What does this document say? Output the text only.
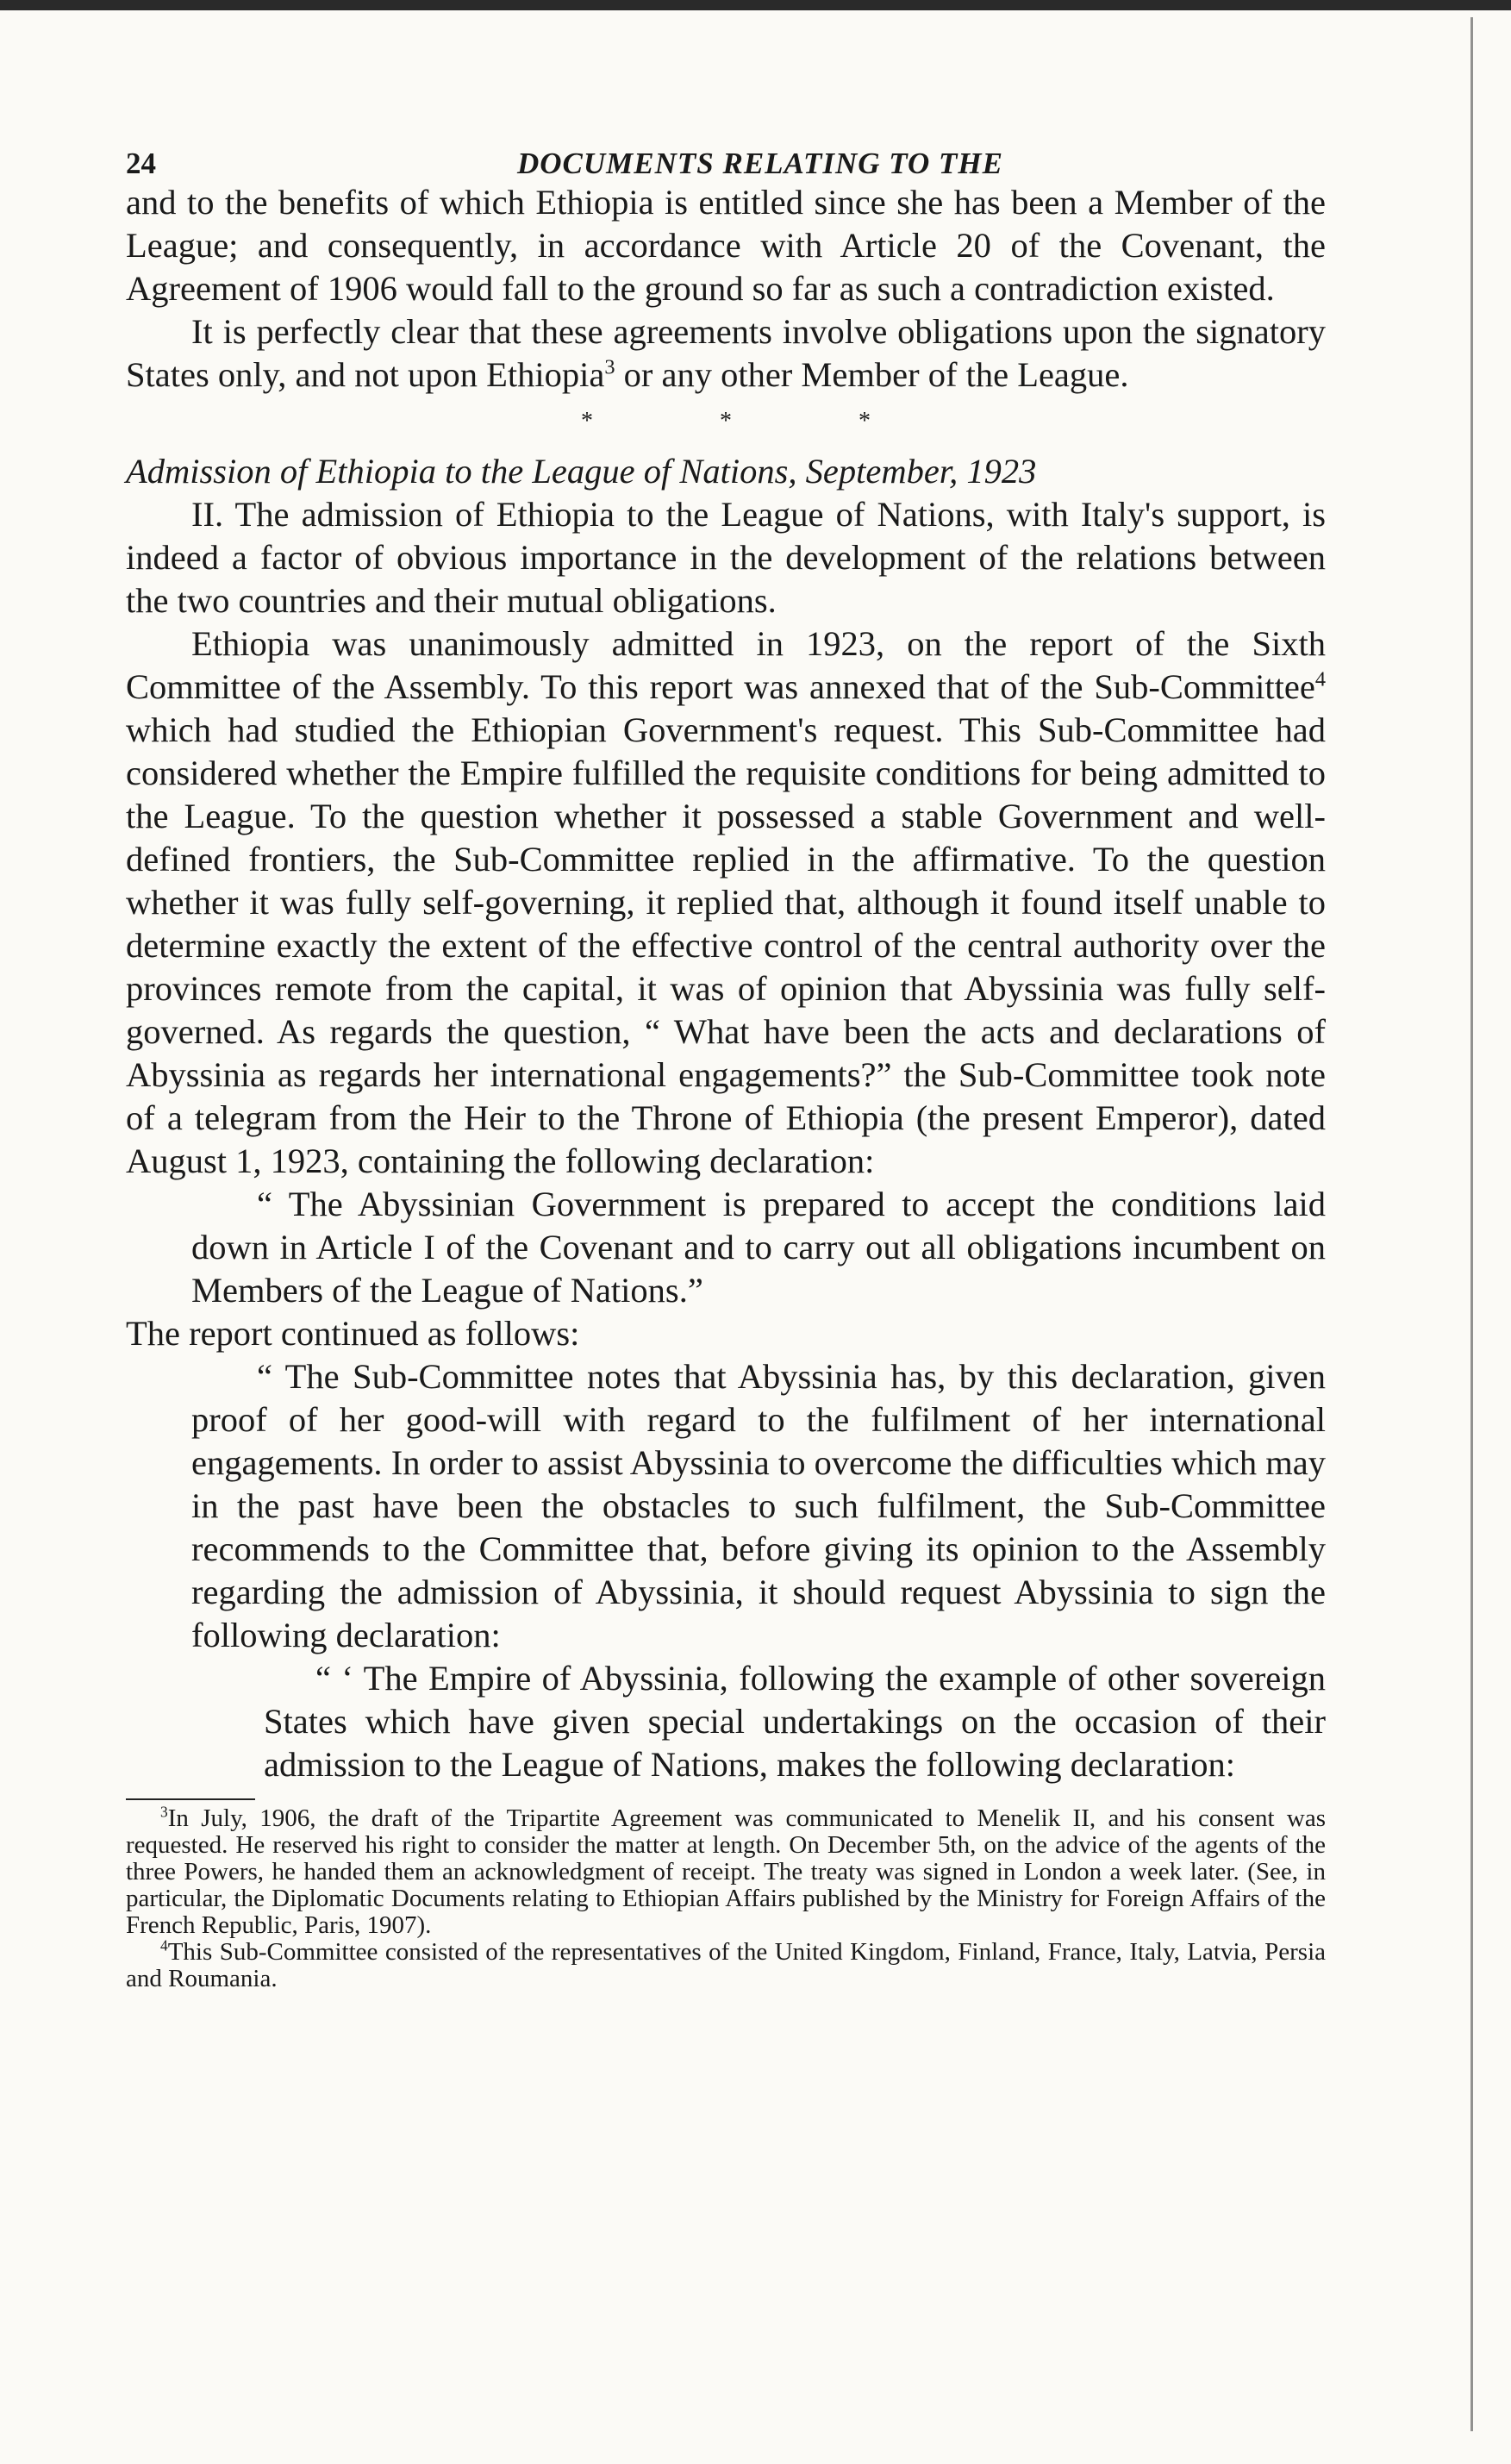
24	DOCUMENTS RELATING TO THE

and to the benefits of which Ethiopia is entitled since she has been a Member of the League; and consequently, in accordance with Article 20 of the Covenant, the Agreement of 1906 would fall to the ground so far as such a contradiction existed.

It is perfectly clear that these agreements involve obligations upon the signatory States only, and not upon Ethiopia$^3$ or any other Member of the League.

* * *

Admission of Ethiopia to the League of Nations, September, 1923

II. The admission of Ethiopia to the League of Nations, with Italy's support, is indeed a factor of obvious importance in the development of the relations between the two countries and their mutual obligations.

Ethiopia was unanimously admitted in 1923, on the report of the Sixth Committee of the Assembly. To this report was annexed that of the Sub-Committee$^4$ which had studied the Ethiopian Government's request. This Sub-Committee had considered whether the Empire fulfilled the requisite conditions for being admitted to the League. To the question whether it possessed a stable Government and well-defined frontiers, the Sub-Committee replied in the affirmative. To the question whether it was fully self-governing, it replied that, although it found itself unable to determine exactly the extent of the effective control of the central authority over the provinces remote from the capital, it was of opinion that Abyssinia was fully self-governed. As regards the question, “ What have been the acts and declarations of Abyssinia as regards her international engagements?” the Sub-Committee took note of a telegram from the Heir to the Throne of Ethiopia (the present Emperor), dated August 1, 1923, containing the following declaration:

“ The Abyssinian Government is prepared to accept the conditions laid down in Article I of the Covenant and to carry out all obligations incumbent on Members of the League of Nations.”

The report continued as follows:

“ The Sub-Committee notes that Abyssinia has, by this declaration, given proof of her good-will with regard to the fulfilment of her international engagements. In order to assist Abyssinia to overcome the difficulties which may in the past have been the obstacles to such fulfilment, the Sub-Committee recommends to the Committee that, before giving its opinion to the Assembly regarding the admission of Abyssinia, it should request Abyssinia to sign the following declaration:

“ ‘ The Empire of Abyssinia, following the example of other sovereign States which have given special undertakings on the occasion of their admission to the League of Nations, makes the following declaration:

$^3$In July, 1906, the draft of the Tripartite Agreement was communicated to Menelik II, and his consent was requested. He reserved his right to consider the matter at length. On December 5th, on the advice of the agents of the three Powers, he handed them an acknowledgment of receipt. The treaty was signed in London a week later. (See, in particular, the Diplomatic Documents relating to Ethiopian Affairs published by the Ministry for Foreign Affairs of the French Republic, Paris, 1907).

$^4$This Sub-Committee consisted of the representatives of the United Kingdom, Finland, France, Italy, Latvia, Persia and Roumania.
